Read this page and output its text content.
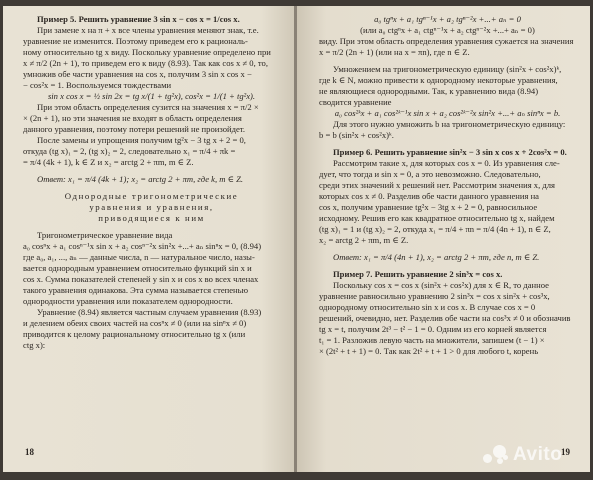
Пример 5. Решить уравнение 3 sin x − cos x = 1/cos x.
При замене x на π + x все члены уравнения меняют знак, т.е.
уравнение не изменится. Поэтому приведем его к рациональ-
ному относительно tg x виду. Поскольку уравнение определено при
x ≠ π/2 (2n + 1), то приведем его к виду (8.93). Так как cos x ≠ 0, то,
умножив обе части уравнения на cos x, получим 3 sin x cos x −
− cos²x = 1. Воспользуемся тождествами
sin x cos x = ½ sin 2x = tg x/(1 + tg²x), cos²x = 1/(1 + tg²x).
При этом область определения сузится на значения x = π/2 ×
× (2n + 1), но эти значения не входят в область определения
данного уравнения, поэтому потери решений не произойдет.
После замены и упрощения получим tg²x − 3 tg x + 2 = 0,
откуда (tg x)₁ = 2, (tg x)₂ = 2, следовательно x₁ = π/4 + πk =
= π/4 (4k + 1), k ∈ Z и x₂ = arctg 2 + πm, m ∈ Z.
Ответ: x₁ = π/4 (4k + 1); x₂ = arctg 2 + πm, где k, m ∈ Z.
Однородные тригонометрические
уравнения и уравнения,
приводящиеся к ним
Тригонометрическое уравнение вида
a₀ cosⁿx + a₁ cosⁿ⁻¹x sin x + a₂ cosⁿ⁻²x sin²x +...+ aₙ sinⁿx = 0, (8.94)
где a₀, a₁, ..., aₙ — данные числа, n — натуральное число, назы-
вается однородным уравнением относительно функций sin x и
cos x. Сумма показателей степеней у sin x и cos x во всех членах
такого уравнения одинакова. Эта сумма называется степенью
однородности уравнения или показателем однородности.
Уравнение (8.94) является частным случаем уравнения (8.93)
и делением обеих своих частей на cosⁿx ≠ 0 (или на sinⁿx ≠ 0)
приводится к целому рациональному относительно tg x (или
ctg x):
18
a₀ tgⁿx + a₁ tgⁿ⁻¹x + a₂ tgⁿ⁻²x +...+ aₙ = 0
(или a₀ ctgⁿx + a₁ ctgⁿ⁻¹x + a₂ ctgⁿ⁻²x +...+ aₙ = 0)
виду. При этом область определения уравнения сужается на значения
x = π/2 (2n + 1) (или на x = πn), где n ∈ Z.
Умножением на тригонометрическую единицу (sin²x + cos²x)ᵏ,
где k ∈ N, можно привести к однородному некоторые уравнения,
не являющиеся однородными. Так, к уравнению вида (8.94)
сводится уравнение
a₀ cos²ᵏx + a₁ cos²ᵏ⁻¹x sin x + a₂ cos²ᵏ⁻²x sin²x +...+ aₙ sinⁿx = b.
Для этого нужно умножить b на тригонометрическую единицу:
b = b (sin²x + cos²x)ᵏ.
Пример 6. Решить уравнение sin²x − 3 sin x cos x + 2cos²x = 0.
Рассмотрим такие x, для которых cos x = 0. Из уравнения сле-
дует, что тогда и sin x = 0, а это невозможно. Следовательно,
среди этих значений x решений нет. Рассмотрим значения x, для
которых cos x ≠ 0. Разделив обе части данного уравнения на
cos x, получим уравнение tg²x − 3tg x + 2 = 0, равносильное
исходному. Решив его как квадратное относительно tg x, найдем
(tg x)₁ = 1 и (tg x)₂ = 2, откуда x₁ = π/4 + πn = π/4 (4n + 1), n ∈ Z,
x₂ = arctg 2 + πm, m ∈ Z.
Ответ: x₁ = π/4 (4n + 1), x₂ = arctg 2 + πm, где n, m ∈ Z.
Пример 7. Решить уравнение 2 sin³x = cos x.
Поскольку cos x = cos x (sin²x + cos²x) для x ∈ R, то данное
уравнение равносильно уравнению 2 sin³x = cos x sin²x + cos³x,
однородному относительно sin x и cos x. В случае cos x = 0
решений, очевидно, нет. Разделив обе части на cos³x ≠ 0 и обозначив
tg x = t, получим 2t³ − t² − 1 = 0. Одним из его корней является
t₁ = 1. Разложив левую часть на множители, запишем (t − 1) ×
× (2t² + t + 1) = 0. Так как 2t² + t + 1 > 0 для любого t, корень
19
Avito
